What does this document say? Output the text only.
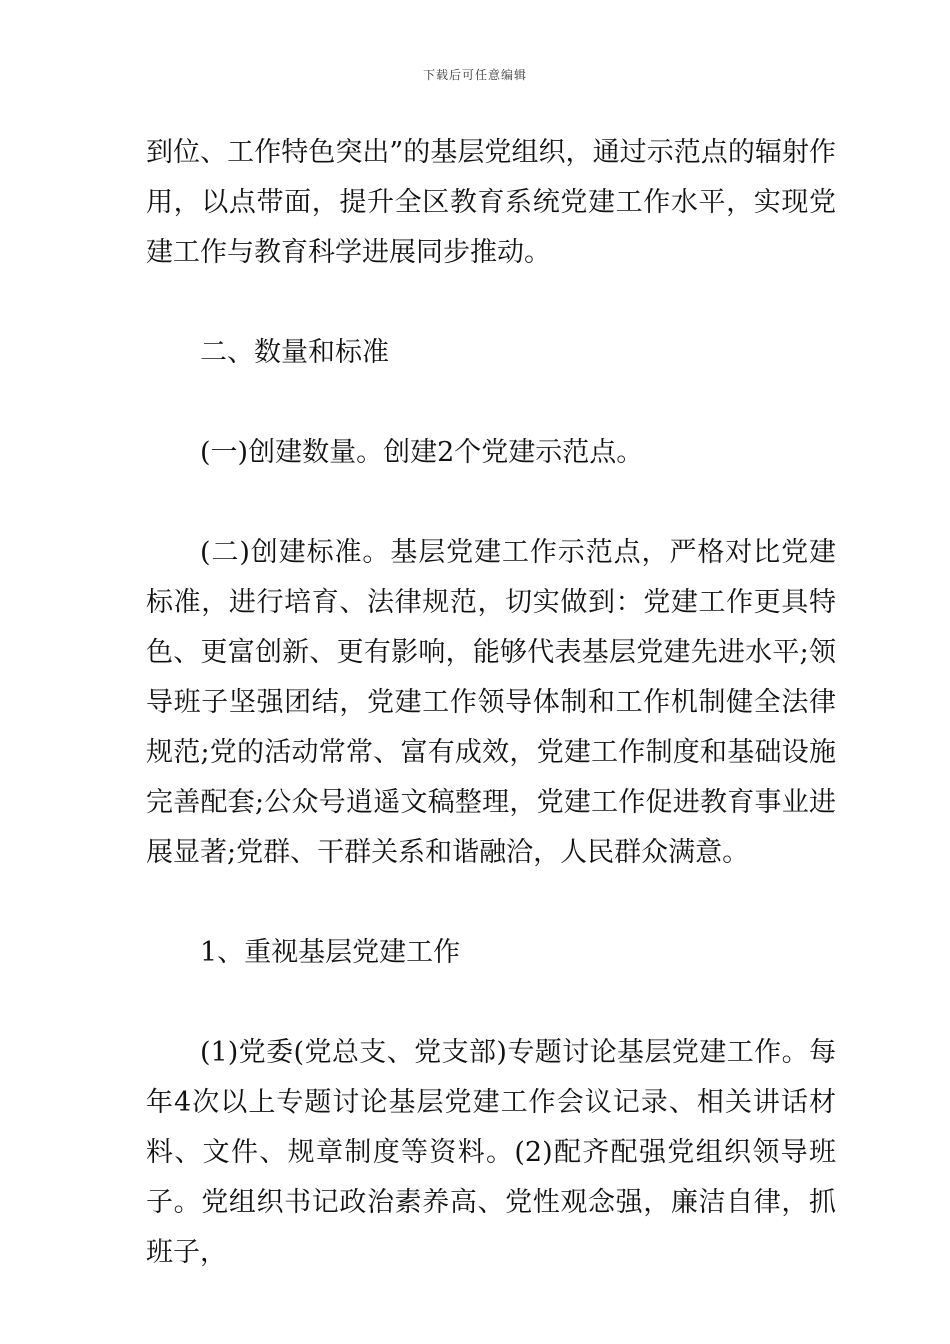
下载后可任意编辑

到位、工作特色突出”的基层党组织，通过示范点的辐射作用，以点带面，提升全区教育系统党建工作水平，实现党建工作与教育科学进展同步推动。

二、数量和标准

(一)创建数量。创建2个党建示范点。

(二)创建标准。基层党建工作示范点，严格对比党建标准，进行培育、法律规范，切实做到：党建工作更具特色、更富创新、更有影响，能够代表基层党建先进水平;领导班子坚强团结，党建工作领导体制和工作机制健全法律规范;党的活动常常、富有成效，党建工作制度和基础设施完善配套;公众号逍遥文稿整理，党建工作促进教育事业进展显著;党群、干群关系和谐融洽，人民群众满意。

1、重视基层党建工作

(1)党委(党总支、党支部)专题讨论基层党建工作。每年4次以上专题讨论基层党建工作会议记录、相关讲话材料、文件、规章制度等资料。(2)配齐配强党组织领导班子。党组织书记政治素养高、党性观念强，廉洁自律，抓班子，
